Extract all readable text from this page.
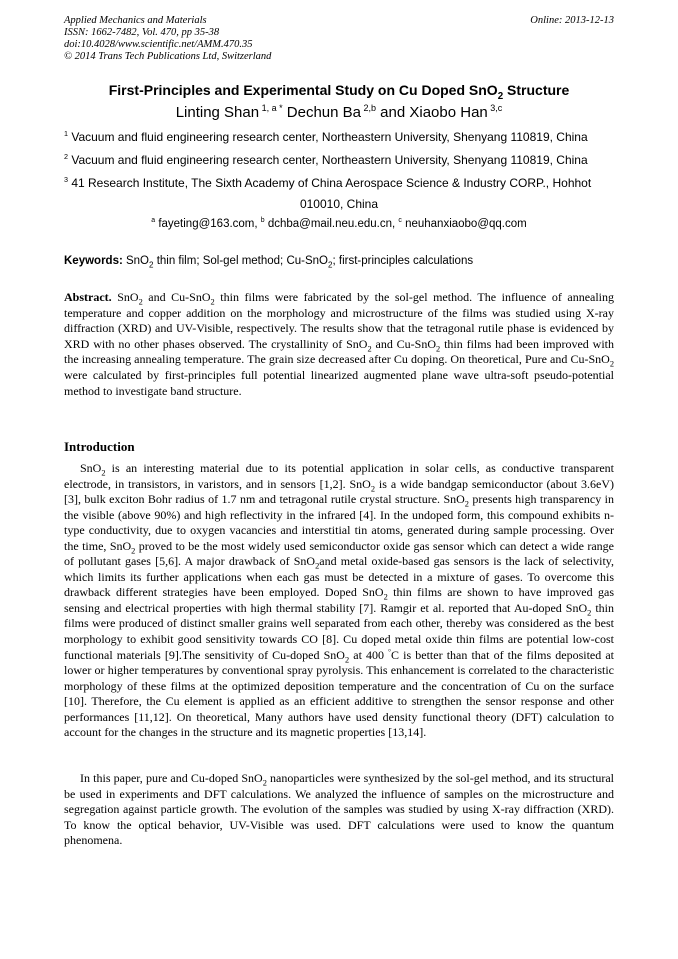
Applied Mechanics and Materials
ISSN: 1662-7482, Vol. 470, pp 35-38
doi:10.4028/www.scientific.net/AMM.470.35
© 2014 Trans Tech Publications Ltd, Switzerland
Online: 2013-12-13
First-Principles and Experimental Study on Cu Doped SnO$_2$ Structure
Linting Shan $^{1, a *}$ Dechun Ba $^{2,b}$ and Xiaobo Han $^{3,c}$
$^1$ Vacuum and fluid engineering research center, Northeastern University, Shenyang 110819, China
$^2$ Vacuum and fluid engineering research center, Northeastern University, Shenyang 110819, China
$^3$ 41 Research Institute, The Sixth Academy of China Aerospace Science & Industry CORP., Hohhot
010010, China
$^a$ fayeting@163.com, $^b$ dchba@mail.neu.edu.cn, $^c$ neuhanxiaobo@qq.com
Keywords: SnO$_2$ thin film; Sol-gel method; Cu-SnO$_2$; first-principles calculations

Abstract. SnO$_2$ and Cu-SnO$_2$ thin films were fabricated by the sol-gel method. The influence of annealing temperature and copper addition on the morphology and microstructure of the films was studied using X-ray diffraction (XRD) and UV-Visible, respectively. The results show that the tetragonal rutile phase is evidenced by XRD with no other phases observed. The crystallinity of SnO$_2$ and Cu-SnO$_2$ thin films had been improved with the increasing annealing temperature. The grain size decreased after Cu doping. On theoretical, Pure and Cu-SnO$_2$ were calculated by first-principles full potential linearized augmented plane wave ultra-soft pseudo-potential method to investigate band structure.

Introduction

SnO$_2$ is an interesting material due to its potential application in solar cells, as conductive transparent electrode, in transistors, in varistors, and in sensors [1,2]. SnO$_2$ is a wide bandgap semiconductor (about 3.6eV) [3], bulk exciton Bohr radius of 1.7 nm and tetragonal rutile crystal structure. SnO$_2$ presents high transparency in the visible (above 90%) and high reflectivity in the infrared [4]. In the undoped form, this compound exhibits n-type conductivity, due to oxygen vacancies and interstitial tin atoms, generated during sample processing. Over the time, SnO$_2$ proved to be the most widely used semiconductor oxide gas sensor which can detect a wide range of pollutant gases [5,6]. A major drawback of SnO$_2$and metal oxide-based gas sensors is the lack of selectivity, which limits its further applications when each gas must be detected in a mixture of gases. To overcome this drawback different strategies have been employed. Doped SnO$_2$ thin films are shown to have improved gas sensing and electrical properties with high thermal stability [7]. Ramgir et al. reported that Au-doped SnO$_2$ thin films were produced of distinct smaller grains well separated from each other, thereby was considered as the best morphology to exhibit good sensitivity towards CO [8]. Cu doped metal oxide thin films are potential low-cost functional materials [9].The sensitivity of Cu-doped SnO$_2$ at 400 °C is better than that of the films deposited at lower or higher temperatures by conventional spray pyrolysis. This enhancement is correlated to the characteristic morphology of these films at the optimized deposition temperature and the concentration of Cu on the surface [10]. Therefore, the Cu element is applied as an efficient additive to strengthen the sensor response and other performances [11,12]. On theoretical, Many authors have used density functional theory (DFT) calculation to account for the changes in the structure and its magnetic properties [13,14].

In this paper, pure and Cu-doped SnO$_2$ nanoparticles were synthesized by the sol-gel method, and its structural be used in experiments and DFT calculations. We analyzed the influence of samples on the microstructure and segregation against particle growth. The evolution of the samples was studied by using X-ray diffraction (XRD). To know the optical behavior, UV-Visible was used. DFT calculations were used to know the quantum phenomena.
